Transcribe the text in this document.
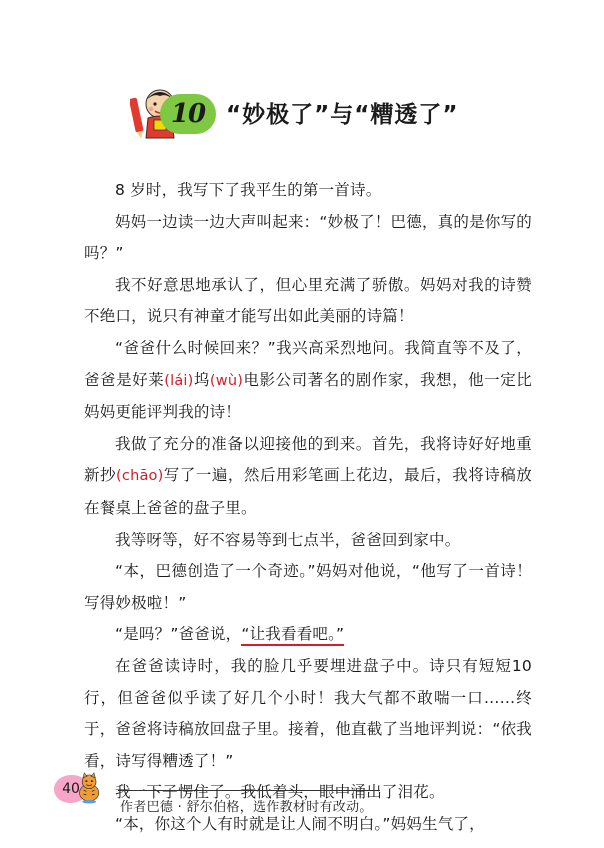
10 “妙极了”与“糟透了”

8 岁时，我写下了我平生的第一首诗。

妈妈一边读一边大声叫起来：“妙极了！巴德，真的是你写的吗？”

我不好意思地承认了，但心里充满了骄傲。妈妈对我的诗赞不绝口，说只有神童才能写出如此美丽的诗篇！

“爸爸什么时候回来？”我兴高采烈地问。我简直等不及了，爸爸是好莱(lái)坞(wù)电影公司著名的剧作家，我想，他一定比妈妈更能评判我的诗！

我做了充分的准备以迎接他的到来。首先，我将诗好好地重新抄(chāo)写了一遍，然后用彩笔画上花边，最后，我将诗稿放在餐桌上爸爸的盘子里。

我等呀等，好不容易等到七点半，爸爸回到家中。

“本，巴德创造了一个奇迹。”妈妈对他说，“他写了一首诗！写得妙极啦！”

“是吗？”爸爸说，“让我看看吧。”

在爸爸读诗时，我的脸几乎要埋进盘子中。诗只有短短10 行，但爸爸似乎读了好几个小时！我大气都不敢喘一口……终于，爸爸将诗稿放回盘子里。接着，他直截了当地评判说：“依我看，诗写得糟透了！”

我一下子愣住了。我低着头，眼中涌出了泪花。

“本，你这个人有时就是让人闹不明白。”妈妈生气了，

40
作者巴德 · 舒尔伯格，选作教材时有改动。
